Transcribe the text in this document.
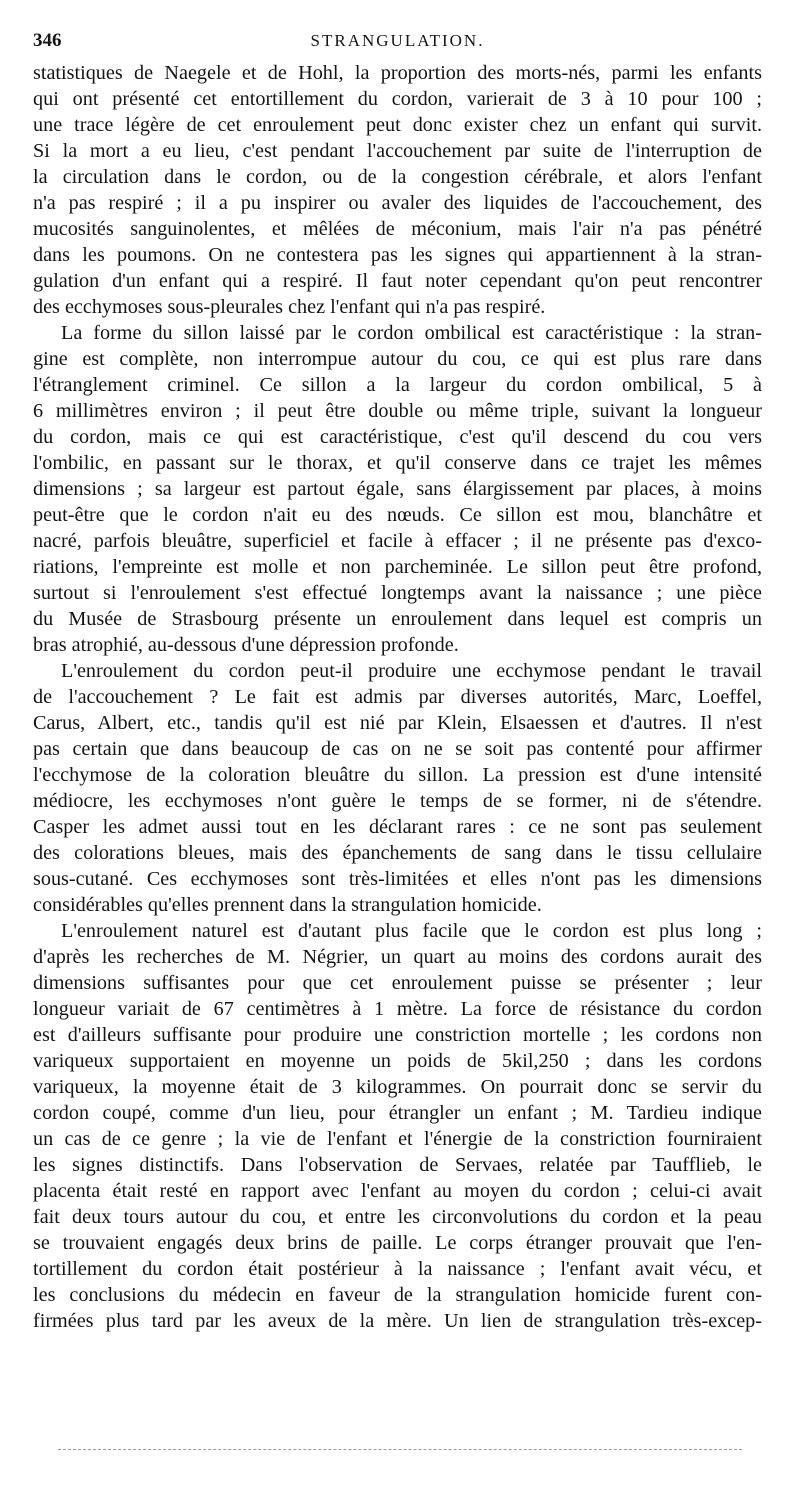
346	STRANGULATION.
statistiques de Naegele et de Hohl, la proportion des morts-nés, parmi les enfants
qui ont présenté cet entortillement du cordon, varierait de 3 à 10 pour 100 ;
une trace légère de cet enroulement peut donc exister chez un enfant qui survit.
Si la mort a eu lieu, c'est pendant l'accouchement par suite de l'interruption de
la circulation dans le cordon, ou de la congestion cérébrale, et alors l'enfant
n'a pas respiré ; il a pu inspirer ou avaler des liquides de l'accouchement, des
mucosités sanguinolentes, et mêlées de méconium, mais l'air n'a pas pénétré
dans les poumons. On ne contestera pas les signes qui appartiennent à la stran-
gulation d'un enfant qui a respiré. Il faut noter cependant qu'on peut rencontrer
des ecchymoses sous-pleurales chez l'enfant qui n'a pas respiré.
La forme du sillon laissé par le cordon ombilical est caractéristique : la stran-
gine est complète, non interrompue autour du cou, ce qui est plus rare dans
l'étranglement criminel. Ce sillon a la largeur du cordon ombilical, 5 à
6 millimètres environ ; il peut être double ou même triple, suivant la longueur
du cordon, mais ce qui est caractéristique, c'est qu'il descend du cou vers
l'ombilic, en passant sur le thorax, et qu'il conserve dans ce trajet les mêmes
dimensions ; sa largeur est partout égale, sans élargissement par places, à moins
peut-être que le cordon n'ait eu des nœuds. Ce sillon est mou, blanchâtre et
nacré, parfois bleuâtre, superficiel et facile à effacer ; il ne présente pas d'exco-
riations, l'empreinte est molle et non parcheminée. Le sillon peut être profond,
surtout si l'enroulement s'est effectué longtemps avant la naissance ; une pièce
du Musée de Strasbourg présente un enroulement dans lequel est compris un
bras atrophié, au-dessous d'une dépression profonde.
L'enroulement du cordon peut-il produire une ecchymose pendant le travail
de l'accouchement ? Le fait est admis par diverses autorités, Marc, Loeffel,
Carus, Albert, etc., tandis qu'il est nié par Klein, Elsaessen et d'autres. Il n'est
pas certain que dans beaucoup de cas on ne se soit pas contenté pour affirmer
l'ecchymose de la coloration bleuâtre du sillon. La pression est d'une intensité
médiocre, les ecchymoses n'ont guère le temps de se former, ni de s'étendre.
Casper les admet aussi tout en les déclarant rares : ce ne sont pas seulement
des colorations bleues, mais des épanchements de sang dans le tissu cellulaire
sous-cutané. Ces ecchymoses sont très-limitées et elles n'ont pas les dimensions
considérables qu'elles prennent dans la strangulation homicide.
L'enroulement naturel est d'autant plus facile que le cordon est plus long ;
d'après les recherches de M. Négrier, un quart au moins des cordons aurait des
dimensions suffisantes pour que cet enroulement puisse se présenter ; leur
longueur variait de 67 centimètres à 1 mètre. La force de résistance du cordon
est d'ailleurs suffisante pour produire une constriction mortelle ; les cordons non
variqueux supportaient en moyenne un poids de 5kil,250 ; dans les cordons
variqueux, la moyenne était de 3 kilogrammes. On pourrait donc se servir du
cordon coupé, comme d'un lieu, pour étrangler un enfant ; M. Tardieu indique
un cas de ce genre ; la vie de l'enfant et l'énergie de la constriction fourniraient
les signes distinctifs. Dans l'observation de Servaes, relatée par Taufflieb, le
placenta était resté en rapport avec l'enfant au moyen du cordon ; celui-ci avait
fait deux tours autour du cou, et entre les circonvolutions du cordon et la peau
se trouvaient engagés deux brins de paille. Le corps étranger prouvait que l'en-
tortillement du cordon était postérieur à la naissance ; l'enfant avait vécu, et
les conclusions du médecin en faveur de la strangulation homicide furent con-
firmées plus tard par les aveux de la mère. Un lien de strangulation très-excep-
